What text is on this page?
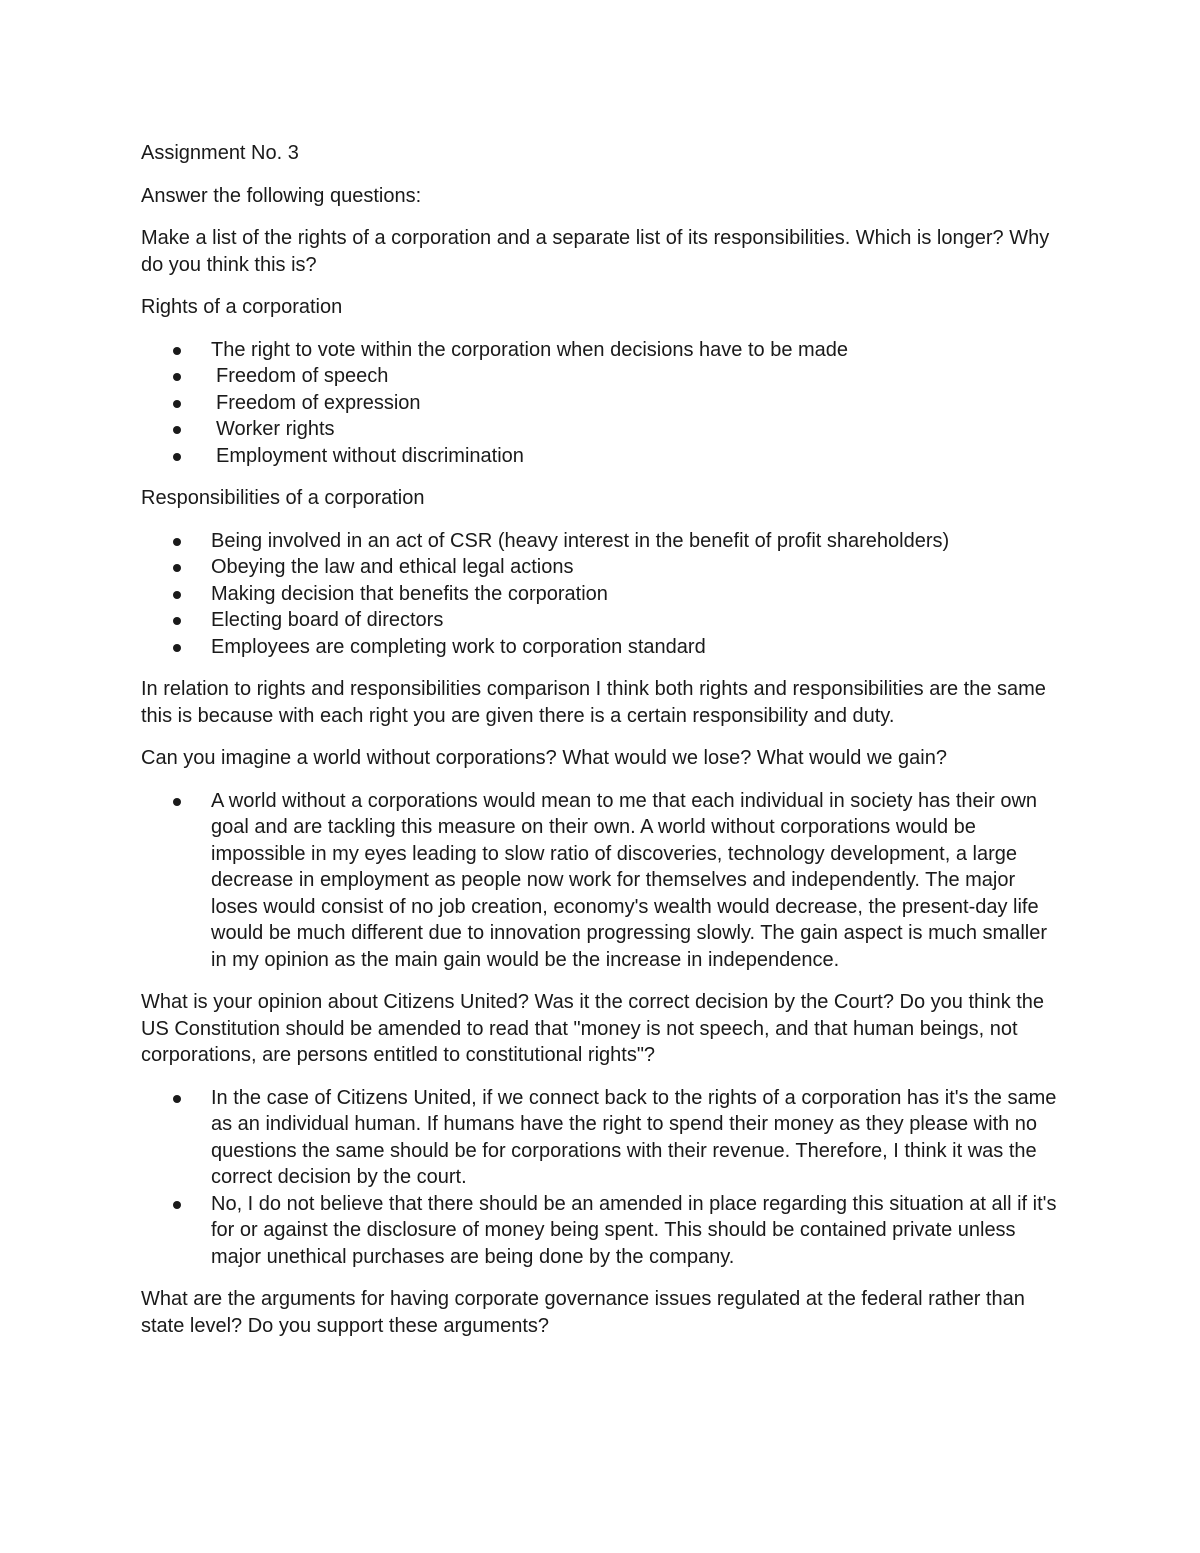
Assignment No. 3

Answer the following questions:

Make a list of the rights of a corporation and a separate list of its responsibilities. Which is longer? Why do you think this is?

Rights of a corporation

The right to vote within the corporation when decisions have to be made
Freedom of speech
Freedom of expression
Worker rights
Employment without discrimination

Responsibilities of a corporation

Being involved in an act of CSR (heavy interest in the benefit of profit shareholders)
Obeying the law and ethical legal actions
Making decision that benefits the corporation
Electing board of directors
Employees are completing work to corporation standard

In relation to rights and responsibilities comparison I think both rights and responsibilities are the same this is because with each right you are given there is a certain responsibility and duty.

Can you imagine a world without corporations? What would we lose? What would we gain?

A world without a corporations would mean to me that each individual in society has their own goal and are tackling this measure on their own. A world without corporations would be impossible in my eyes leading to slow ratio of discoveries, technology development, a large decrease in employment as people now work for themselves and independently. The major loses would consist of no job creation, economy's wealth would decrease, the present-day life would be much different due to innovation progressing slowly. The gain aspect is much smaller in my opinion as the main gain would be the increase in independence.

What is your opinion about Citizens United? Was it the correct decision by the Court? Do you think the US Constitution should be amended to read that "money is not speech, and that human beings, not corporations, are persons entitled to constitutional rights"?

In the case of Citizens United, if we connect back to the rights of a corporation has it's the same as an individual human. If humans have the right to spend their money as they please with no questions the same should be for corporations with their revenue. Therefore, I think it was the correct decision by the court.
No, I do not believe that there should be an amended in place regarding this situation at all if it's for or against the disclosure of money being spent. This should be contained private unless major unethical purchases are being done by the company.

What are the arguments for having corporate governance issues regulated at the federal rather than state level? Do you support these arguments?
